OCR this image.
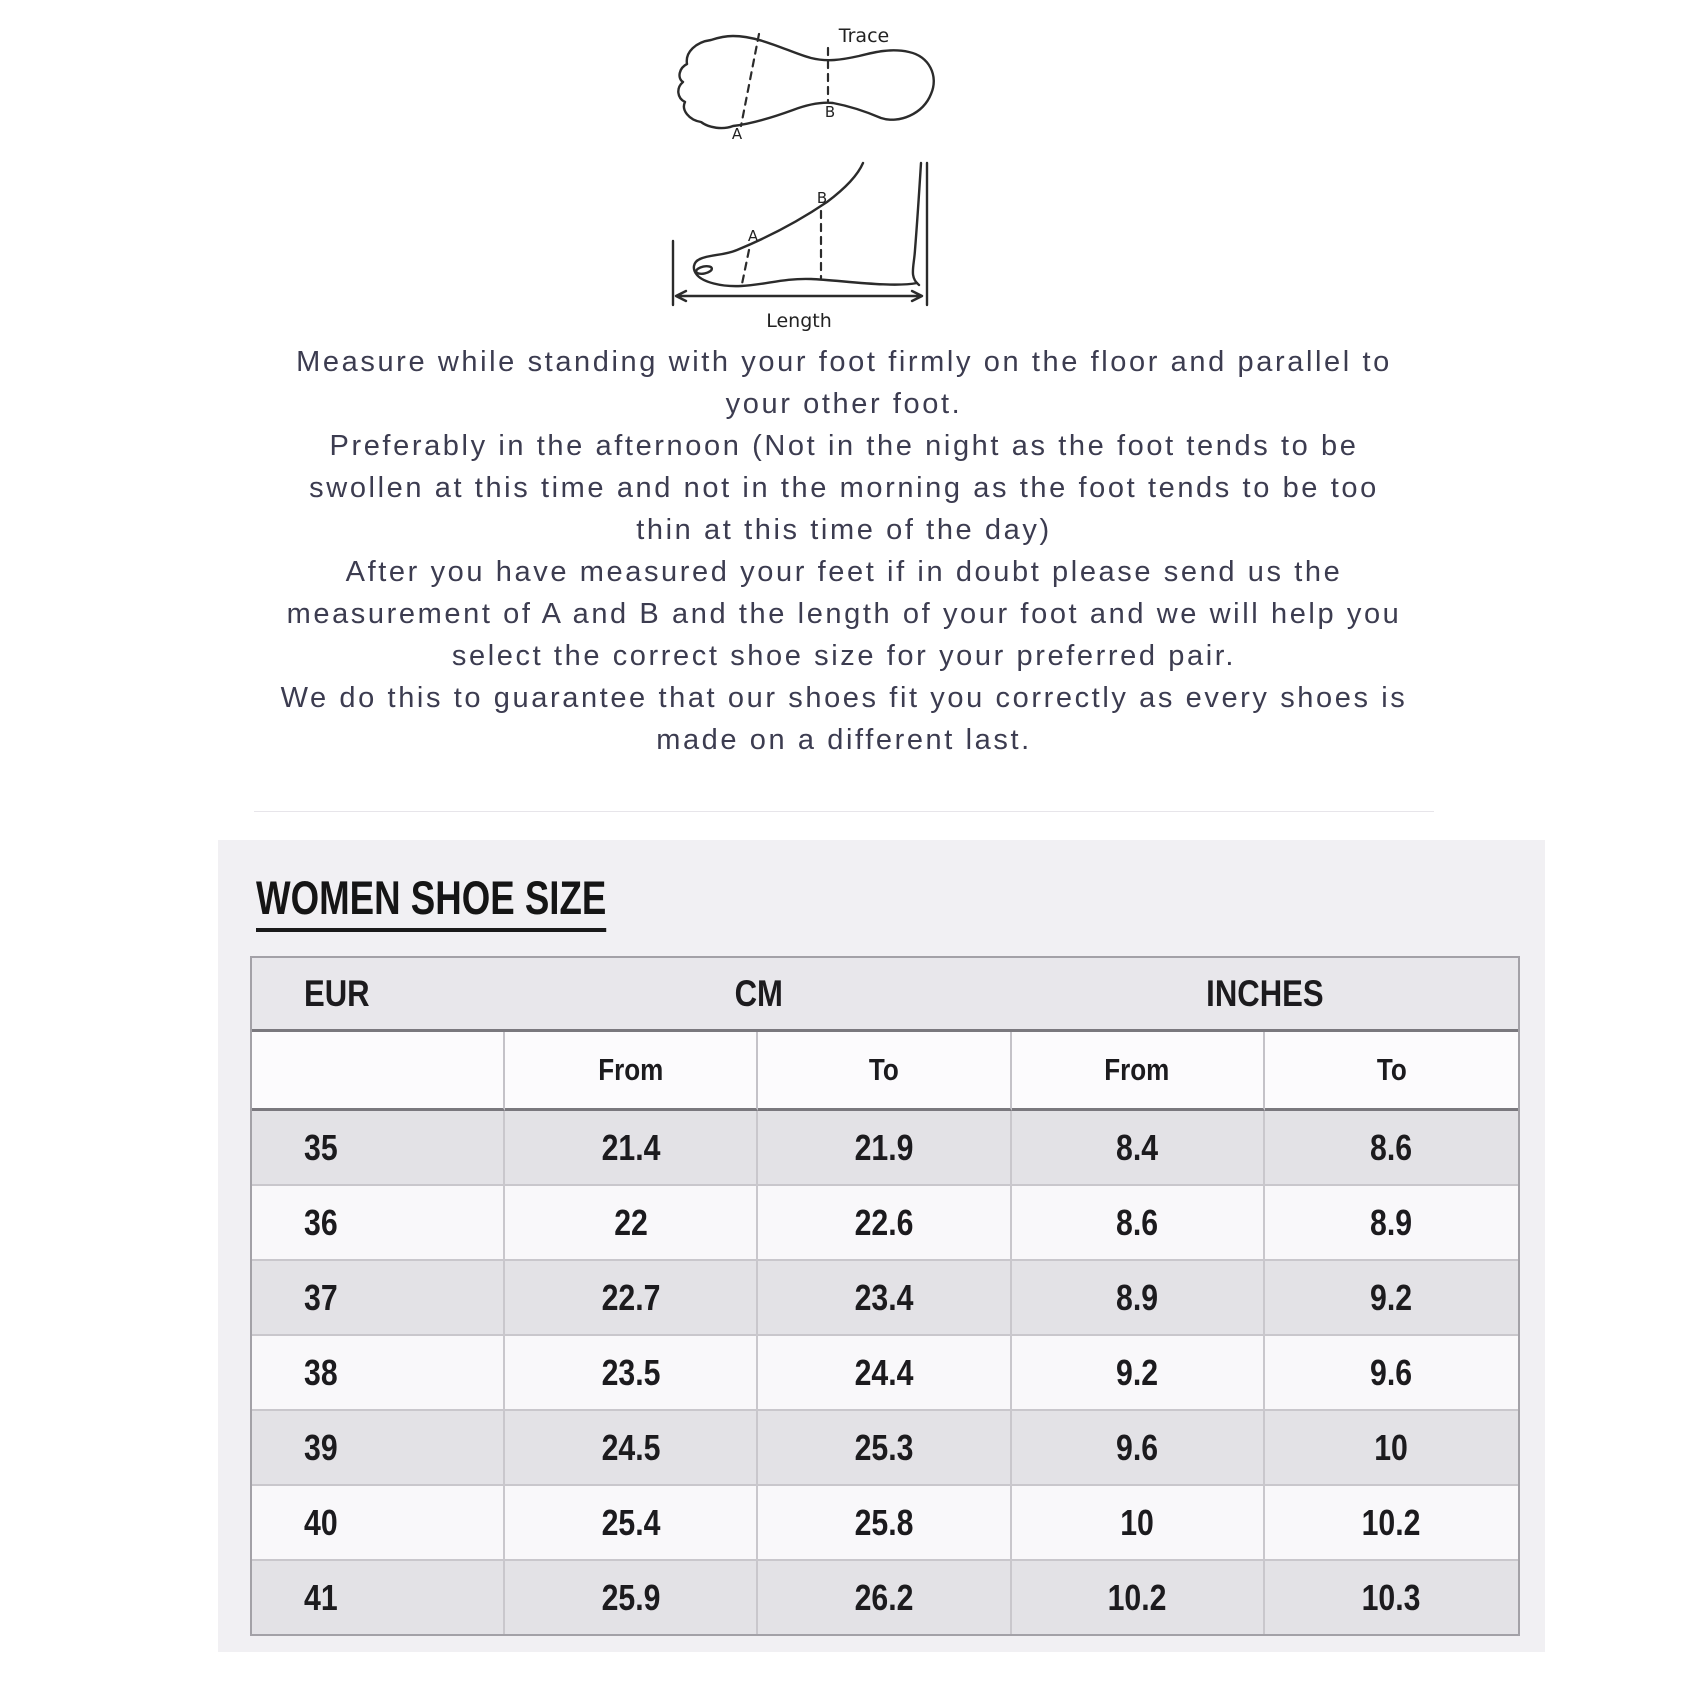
A
B
Trace
A
B
Length
Measure while standing with your foot firmly on the floor and parallel to
your other foot.
Preferably in the afternoon (Not in the night as the foot tends to be
swollen at this time and not in the morning as the foot tends to be too
thin at this time of the day)
After you have measured your feet if in doubt please send us the
measurement of A and B and the length of your foot and we will help you
select the correct shoe size for your preferred pair.
We do this to guarantee that our shoes fit you correctly as every shoes is
made on a different last.
WOMEN SHOE SIZE
EUR	CM		INCHES	
	From	To	From	To
35	21.4	21.9	8.4	8.6
36	22	22.6	8.6	8.9
37	22.7	23.4	8.9	9.2
38	23.5	24.4	9.2	9.6
39	24.5	25.3	9.6	10
40	25.4	25.8	10	10.2
41	25.9	26.2	10.2	10.3
